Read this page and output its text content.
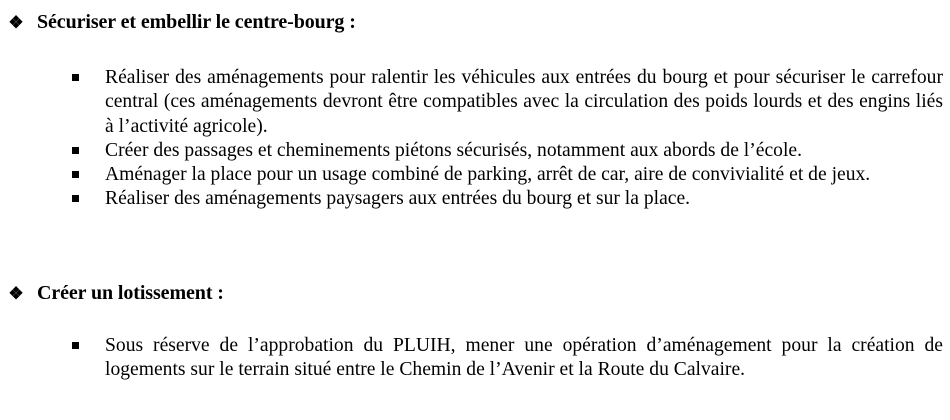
❖ Sécuriser et embellir le centre-bourg :
Réaliser des aménagements pour ralentir les véhicules aux entrées du bourg et pour sécuriser le carrefour central (ces aménagements devront être compatibles avec la circulation des poids lourds et des engins liés à l’activité agricole).
Créer des passages et cheminements piétons sécurisés, notamment aux abords de l’école.
Aménager la place pour un usage combiné de parking, arrêt de car, aire de convivialité et de jeux.
Réaliser des aménagements paysagers aux entrées du bourg et sur la place.
❖ Créer un lotissement :
Sous réserve de l’approbation du PLUIH, mener une opération d’aménagement pour la création de logements sur le terrain situé entre le Chemin de l’Avenir et la Route du Calvaire.
